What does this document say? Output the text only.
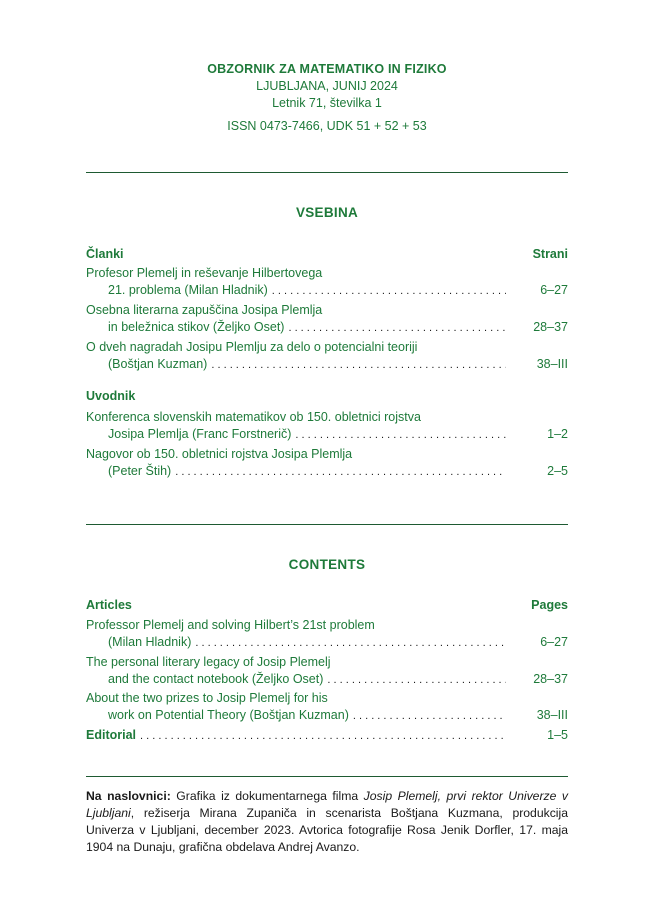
OBZORNIK ZA MATEMATIKO IN FIZIKO
LJUBLJANA, JUNIJ 2024
Letnik 71, številka 1
ISSN 0473-7466, UDK 51 + 52 + 53
VSEBINA
Članki	Strani
Profesor Plemelj in reševanje Hilbertovega
21. problema (Milan Hladnik) . . .	6–27
Osebna literarna zapuščina Josipa Plemlja
in beležnica stikov (Željko Oset) . . .	28–37
O dveh nagradah Josipu Plemlju za delo o potencialni teoriji
(Boštjan Kuzman) . . .	38–III
Uvodnik
Konferenca slovenskih matematikov ob 150. obletnici rojstva
Josipa Plemlja (Franc Forstnerič) . . .	1–2
Nagovor ob 150. obletnici rojstva Josipa Plemlja
(Peter Štih) . . .	2–5
CONTENTS
Articles	Pages
Professor Plemelj and solving Hilbert’s 21st problem
(Milan Hladnik) . . .	6–27
The personal literary legacy of Josip Plemelj
and the contact notebook (Željko Oset) . . .	28–37
About the two prizes to Josip Plemelj for his
work on Potential Theory (Boštjan Kuzman) . . .	38–III
Editorial . . .	1–5
Na naslovnici: Grafika iz dokumentarnega filma Josip Plemelj, prvi rektor Univerze v Ljubljani, režiserja Mirana Zupaniča in scenarista Boštjana Kuzmana, produkcija Univerza v Ljubljani, december 2023. Avtorica fotografije Rosa Jenik Dorfler, 17. maja 1904 na Dunaju, grafična obdelava Andrej Avanzo.
